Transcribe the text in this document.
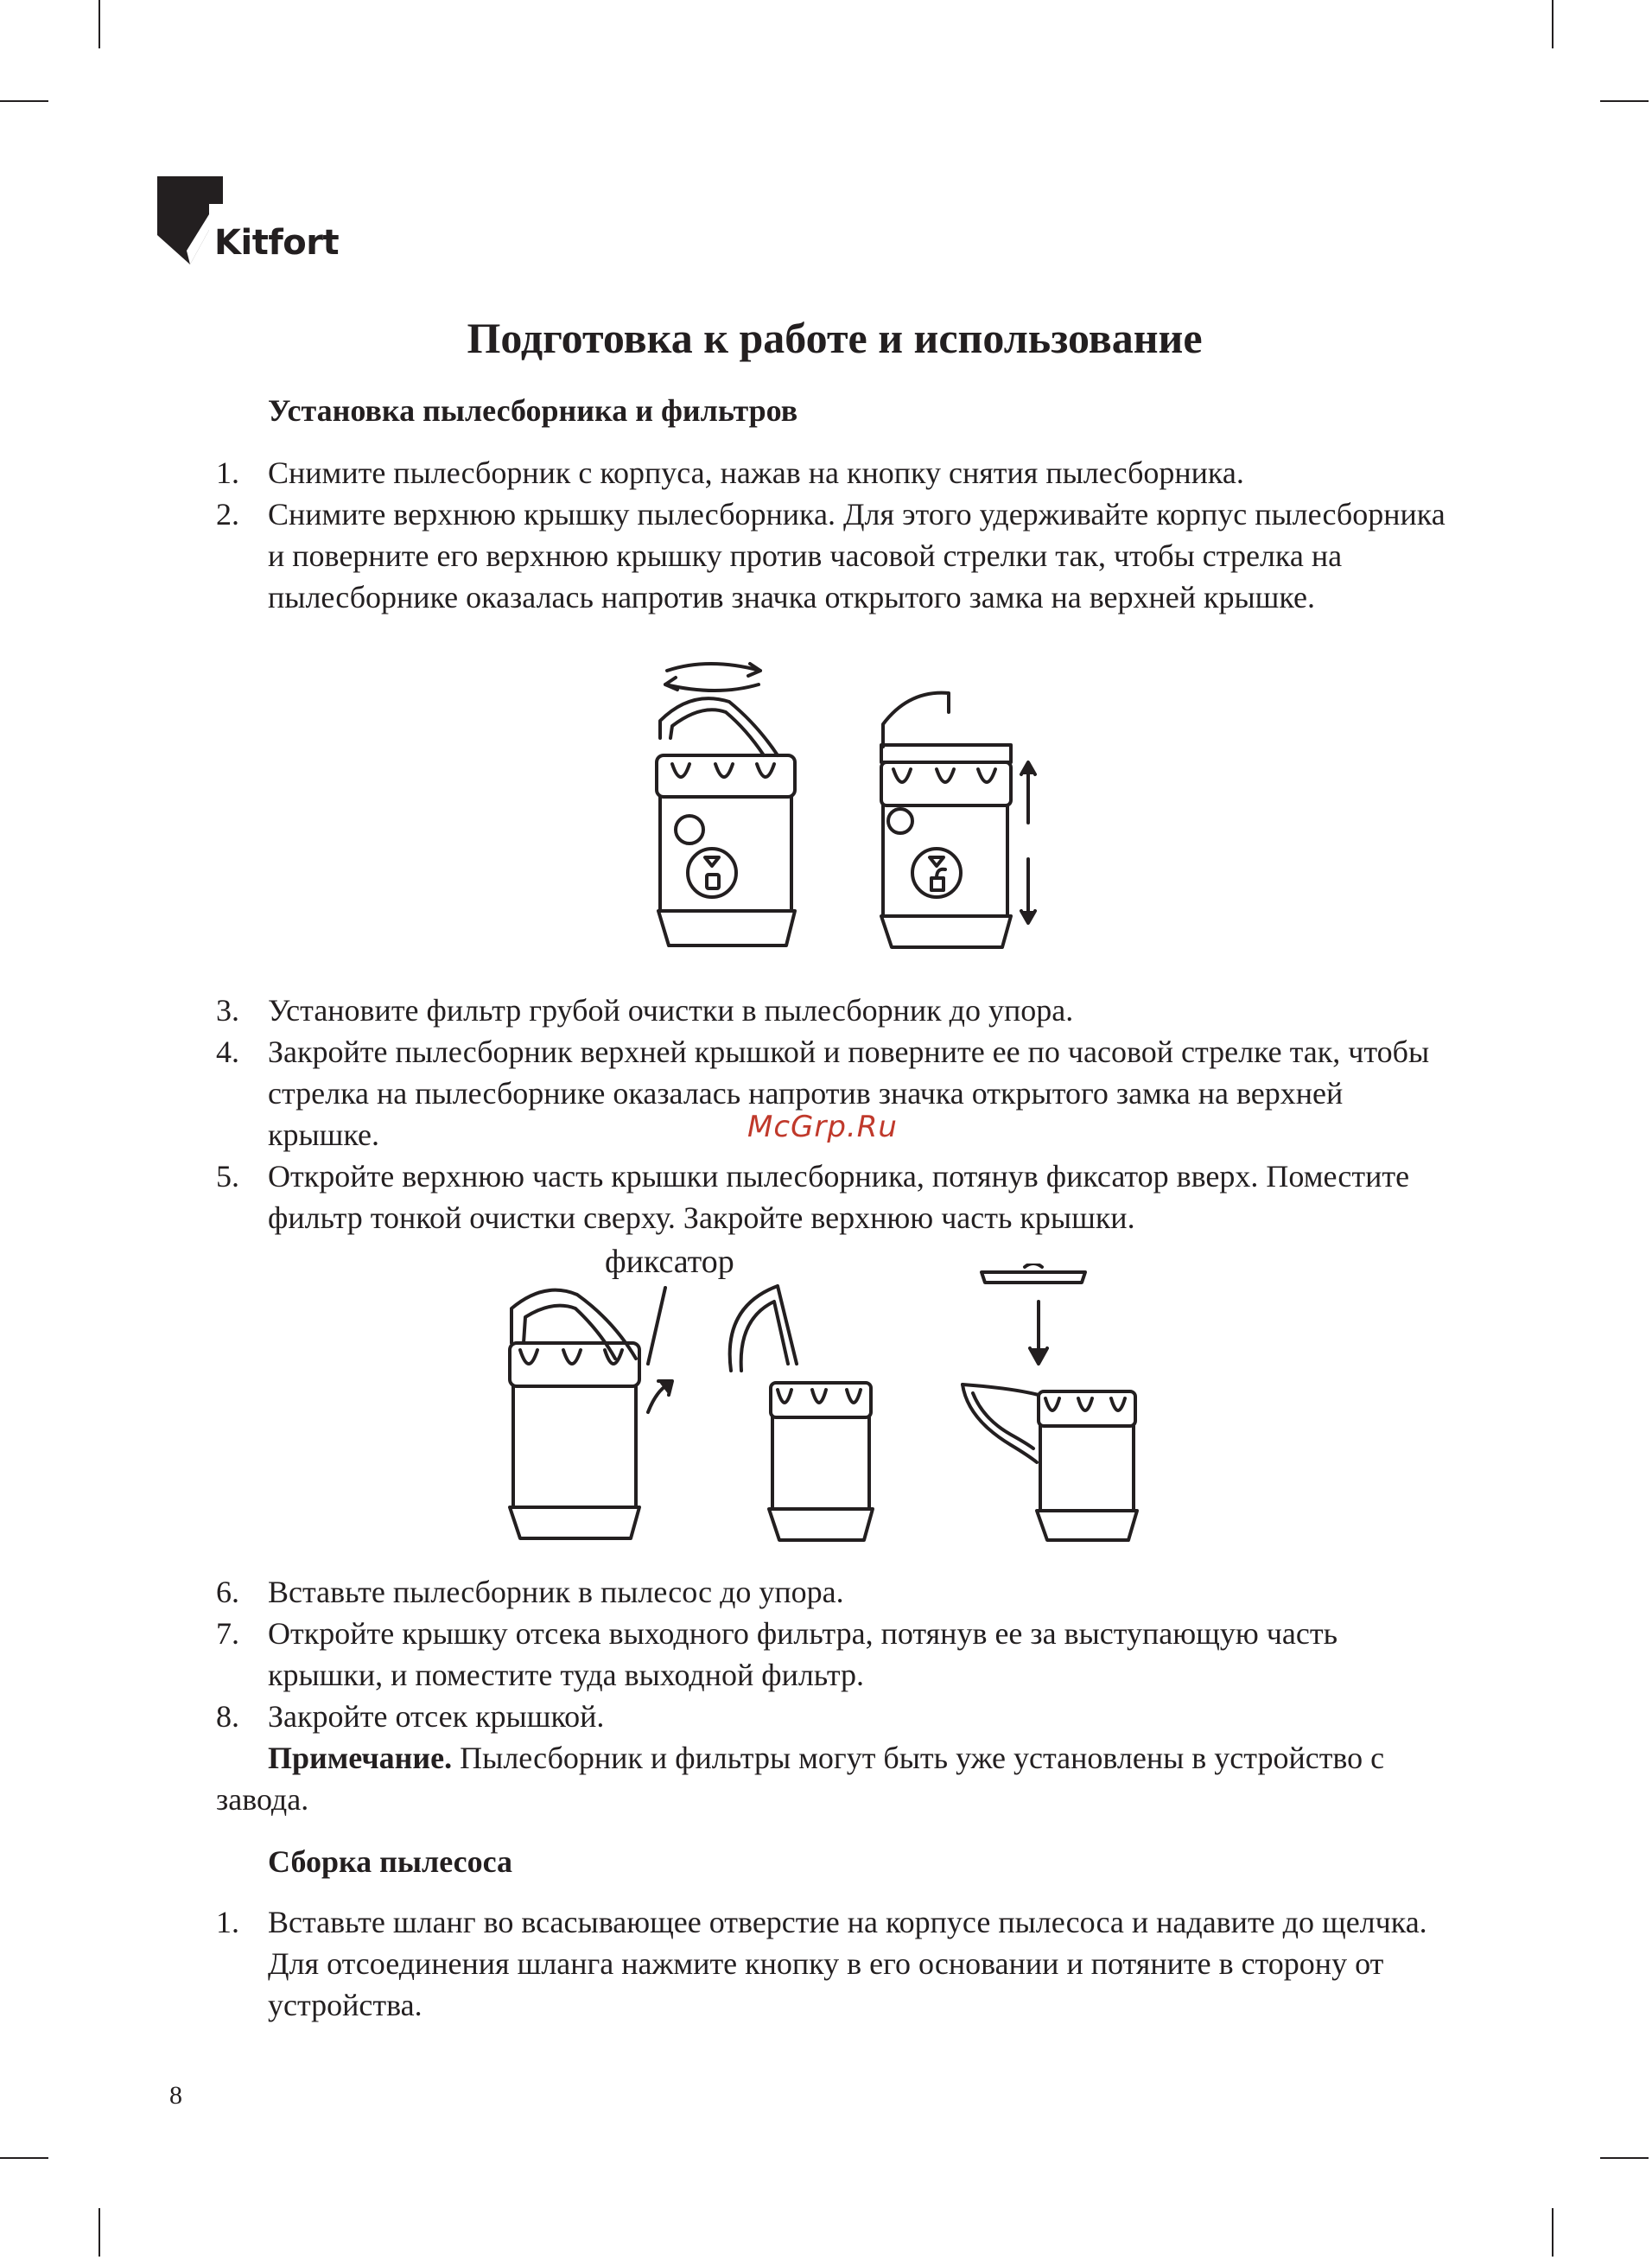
Kitfort
Подготовка к работе и использование

Установка пылесборника и фильтров

1. Снимите пылесборник с корпуса, нажав на кнопку снятия пылесборника.
2. Снимите верхнюю крышку пылесборника. Для этого удерживайте корпус пылесборника и поверните его верхнюю крышку против часовой стрелки так, чтобы стрелка на пылесборнике оказалась напротив значка открытого замка на верхней крышке.
3. Установите фильтр грубой очистки в пылесборник до упора.
4. Закройте пылесборник верхней крышкой и поверните ее по часовой стрелке так, чтобы стрелка на пылесборнике оказалась напротив значка открытого замка на верхней крышке.
5. Откройте верхнюю часть крышки пылесборника, потянув фиксатор вверх. Поместите фильтр тонкой очистки сверху. Закройте верхнюю часть крышки.
McGrp.Ru
фиксатор
6. Вставьте пылесборник в пылесос до упора.
7. Откройте крышку отсека выходного фильтра, потянув ее за выступающую часть крышки, и поместите туда выходной фильтр.
8. Закройте отсек крышкой.

Примечание. Пылесборник и фильтры могут быть уже установлены в устройство с завода.

Сборка пылесоса

1. Вставьте шланг во всасывающее отверстие на корпусе пылесоса и надавите до щелчка. Для отсоединения шланга нажмите кнопку в его основании и потяните в сторону от устройства.
8
